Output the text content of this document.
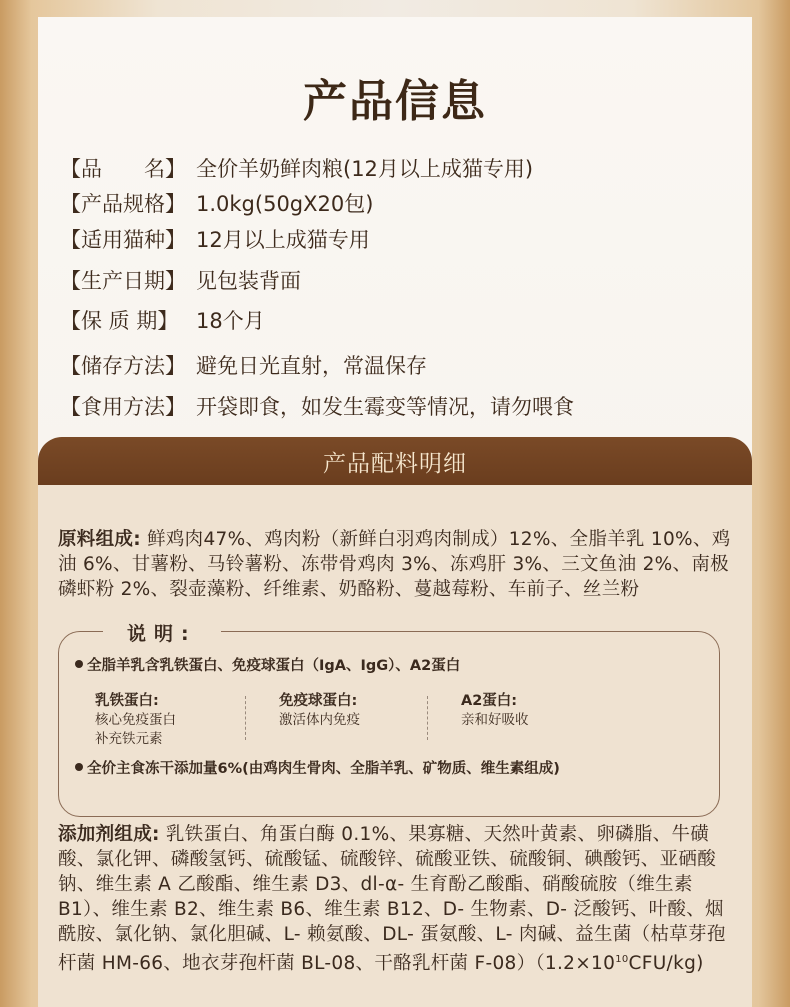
产品信息
【品　　名】 全价羊奶鲜肉粮(12月以上成猫专用)
【产品规格】 1.0kg(50gX20包)
【适用猫种】 12月以上成猫专用
【生产日期】 见包装背面
【保 质 期】 18个月
【储存方法】 避免日光直射，常温保存
【食用方法】 开袋即食，如发生霉变等情况，请勿喂食
产品配料明细
原料组成: 鲜鸡肉47%、鸡肉粉（新鲜白羽鸡肉制成）12%、全脂羊乳 10%、鸡油 6%、甘薯粉、马铃薯粉、冻带骨鸡肉 3%、冻鸡肝 3%、三文鱼油 2%、南极磷虾粉 2%、裂壶藻粉、纤维素、奶酪粉、蔓越莓粉、车前子、丝兰粉
说明:
全脂羊乳含乳铁蛋白、免疫球蛋白（IgA、IgG）、A2蛋白
乳铁蛋白:
核心免疫蛋白
补充铁元素
免疫球蛋白:
激活体内免疫
A2蛋白:
亲和好吸收
全价主食冻干添加量6%(由鸡肉生骨肉、全脂羊乳、矿物质、维生素组成)
添加剂组成: 乳铁蛋白、角蛋白酶 0.1%、果寡糖、天然叶黄素、卵磷脂、牛磺酸、氯化钾、磷酸氢钙、硫酸锰、硫酸锌、硫酸亚铁、硫酸铜、碘酸钙、亚硒酸钠、维生素 A 乙酸酯、维生素 D3、dl-α- 生育酚乙酸酯、硝酸硫胺（维生素 B1）、维生素 B2、维生素 B6、维生素 B12、D- 生物素、D- 泛酸钙、叶酸、烟酰胺、氯化钠、氯化胆碱、L- 赖氨酸、DL- 蛋氨酸、L- 肉碱、益生菌（枯草芽孢杆菌 HM-66、地衣芽孢杆菌 BL-08、干酪乳杆菌 $F-08)(1.2\times 10^{10}CFU/kg)$
